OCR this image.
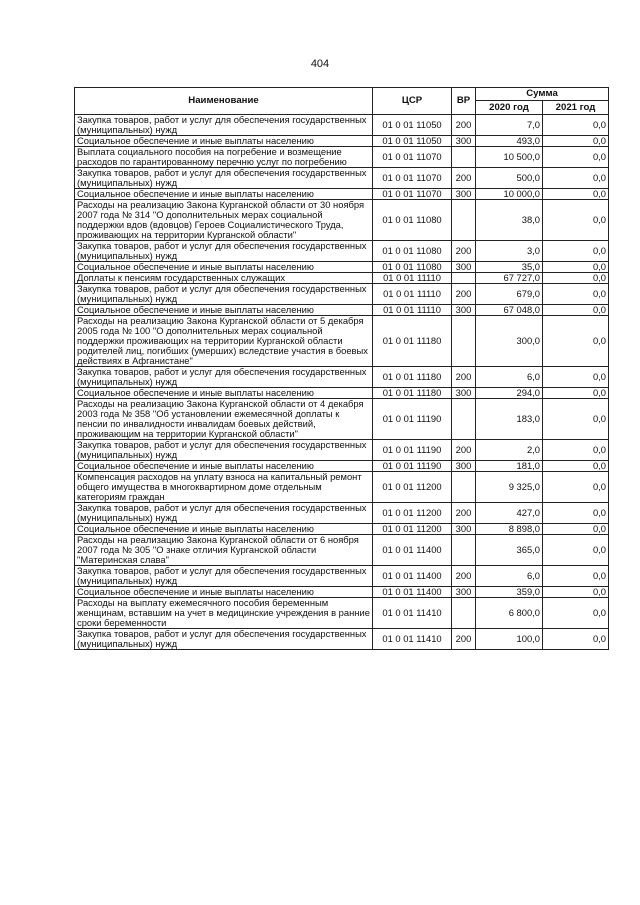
404
Наименование	ЦСР	ВР	Сумма	
			2020 год	2021 год
Закупка товаров, работ и услуг для обеспечения государственных (муниципальных) нужд	01 0 01 11050	200	7,0	0,0
Социальное обеспечение и иные выплаты населению	01 0 01 11050	300	493,0	0,0
Выплата социального пособия на погребение и возмещение расходов по гарантированному перечню услуг по погребению	01 0 01 11070		10 500,0	0,0
Закупка товаров, работ и услуг для обеспечения государственных (муниципальных) нужд	01 0 01 11070	200	500,0	0,0
Социальное обеспечение и иные выплаты населению	01 0 01 11070	300	10 000,0	0,0
Расходы на реализацию Закона Курганской области от 30 ноября 2007 года № 314 "О дополнительных мерах социальной поддержки вдов (вдовцов) Героев Социалистического Труда, проживающих на территории Курганской области"	01 0 01 11080		38,0	0,0
Закупка товаров, работ и услуг для обеспечения государственных (муниципальных) нужд	01 0 01 11080	200	3,0	0,0
Социальное обеспечение и иные выплаты населению	01 0 01 11080	300	35,0	0,0
Доплаты к пенсиям государственных служащих	01 0 01 11110		67 727,0	0,0
Закупка товаров, работ и услуг для обеспечения государственных (муниципальных) нужд	01 0 01 11110	200	679,0	0,0
Социальное обеспечение и иные выплаты населению	01 0 01 11110	300	67 048,0	0,0
Расходы на реализацию Закона Курганской области от 5 декабря 2005 года № 100 "О дополнительных мерах социальной поддержки проживающих на территории Курганской области родителей лиц, погибших (умерших) вследствие участия в боевых действиях в Афганистане"	01 0 01 11180		300,0	0,0
Закупка товаров, работ и услуг для обеспечения государственных (муниципальных) нужд	01 0 01 11180	200	6,0	0,0
Социальное обеспечение и иные выплаты населению	01 0 01 11180	300	294,0	0,0
Расходы на реализацию Закона Курганской области от 4 декабря 2003 года № 358 "Об установлении ежемесячной доплаты к пенсии по инвалидности инвалидам боевых действий, проживающим на территории Курганской области"	01 0 01 11190		183,0	0,0
Закупка товаров, работ и услуг для обеспечения государственных (муниципальных) нужд	01 0 01 11190	200	2,0	0,0
Социальное обеспечение и иные выплаты населению	01 0 01 11190	300	181,0	0,0
Компенсация расходов на уплату взноса на капитальный ремонт общего имущества в многоквартирном доме отдельным категориям граждан	01 0 01 11200		9 325,0	0,0
Закупка товаров, работ и услуг для обеспечения государственных (муниципальных) нужд	01 0 01 11200	200	427,0	0,0
Социальное обеспечение и иные выплаты населению	01 0 01 11200	300	8 898,0	0,0
Расходы на реализацию Закона Курганской области от 6 ноября 2007 года № 305 "О знаке отличия Курганской области "Материнская слава"	01 0 01 11400		365,0	0,0
Закупка товаров, работ и услуг для обеспечения государственных (муниципальных) нужд	01 0 01 11400	200	6,0	0,0
Социальное обеспечение и иные выплаты населению	01 0 01 11400	300	359,0	0,0
Расходы на выплату ежемесячного пособия беременным женщинам, вставшим на учет в медицинские учреждения в ранние сроки беременности	01 0 01 11410		6 800,0	0,0
Закупка товаров, работ и услуг для обеспечения государственных (муниципальных) нужд	01 0 01 11410	200	100,0	0,0
